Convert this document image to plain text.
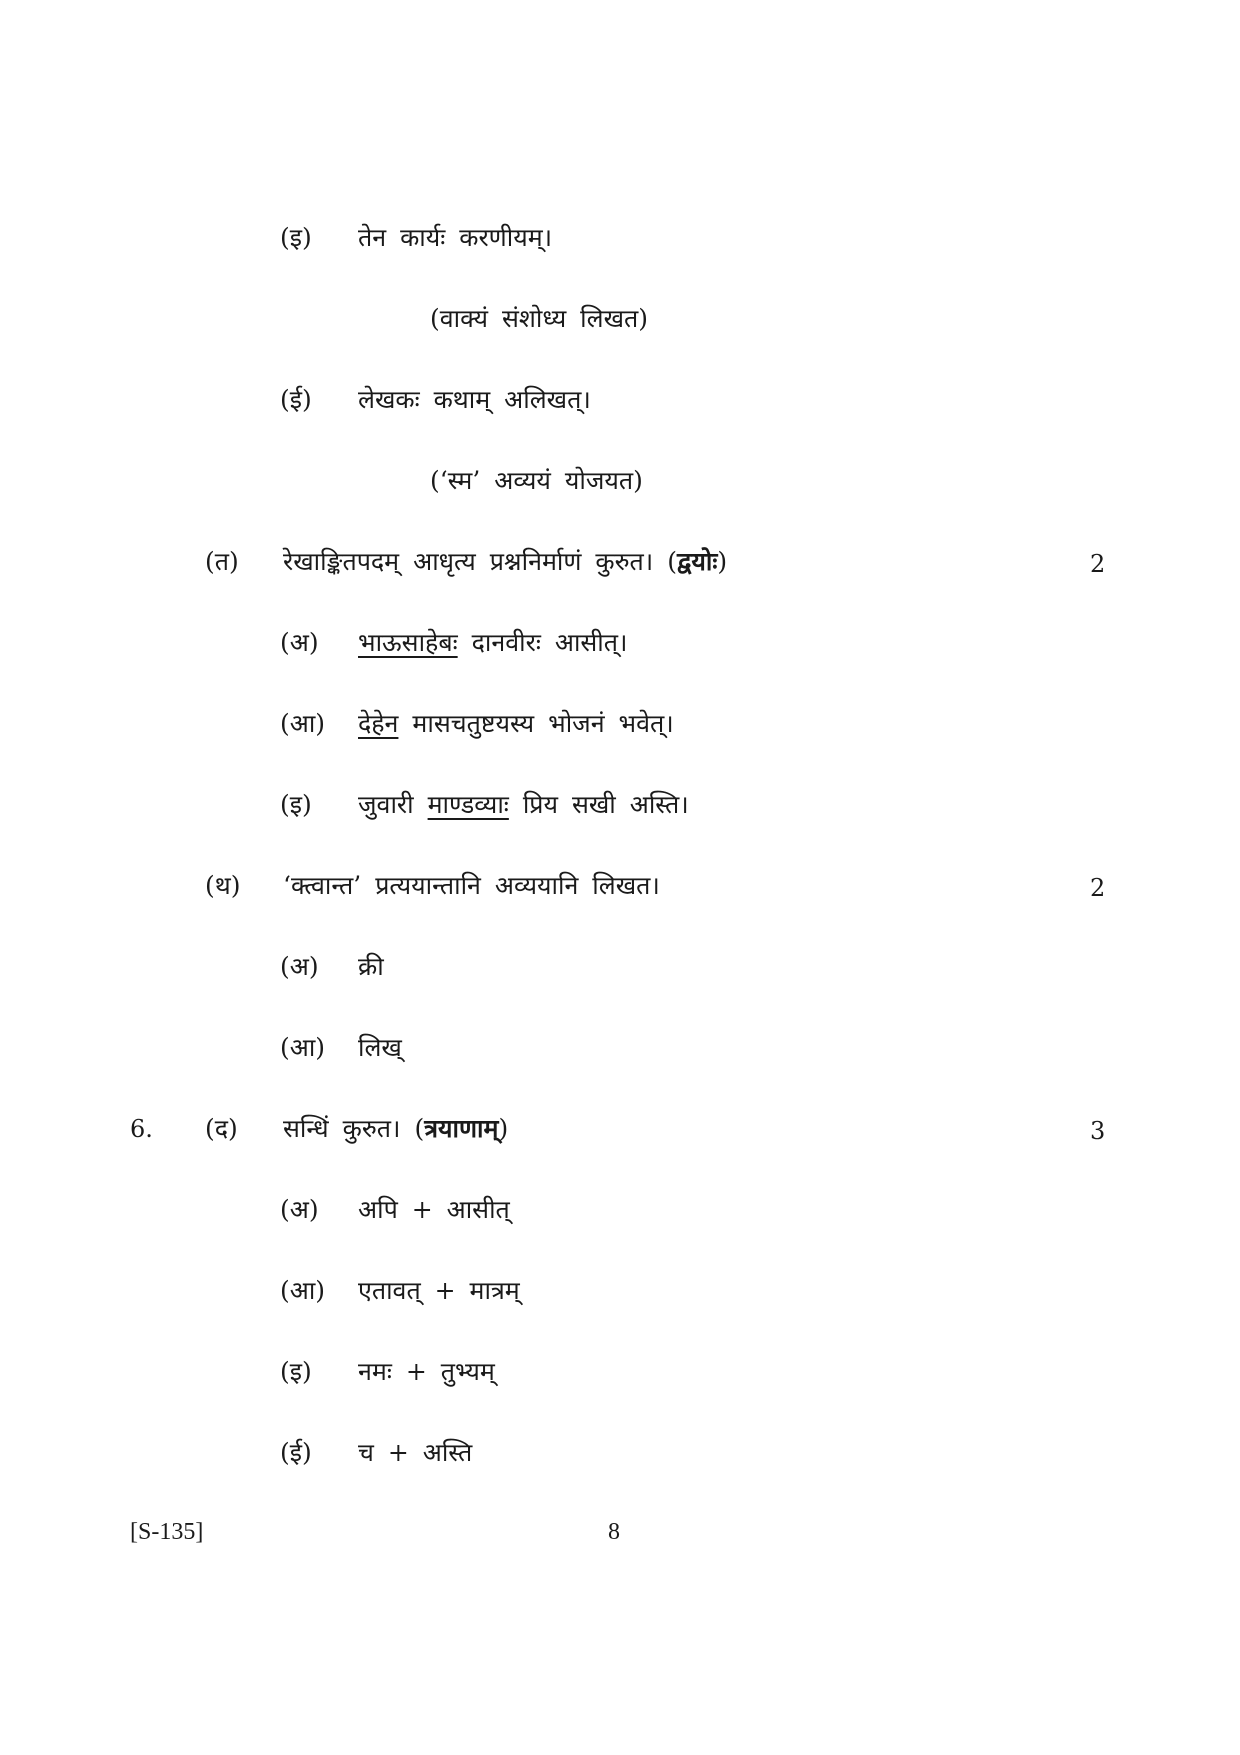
(इ) तेन कार्यः करणीयम्।
(वाक्यं संशोध्य लिखत)
(ई) लेखकः कथाम् अलिखत्।
(‘स्म’ अव्ययं योजयत)
(त) रेखाङ्कितपदम् आधृत्य प्रश्ननिर्माणं कुरुत। (द्वयोः)	2
(अ) भाऊसाहेबः दानवीरः आसीत्।
(आ) देहेन मासचतुष्टयस्य भोजनं भवेत्।
(इ) जुवारी माण्डव्याः प्रिय सखी अस्ति।
(थ) ‘क्त्वान्त’ प्रत्ययान्तानि अव्ययानि लिखत।	2
(अ) क्री
(आ) लिख्
6. (द) सन्धिं कुरुत। (त्रयाणाम्)	3
(अ) अपि + आसीत्
(आ) एतावत् + मात्रम्
(इ) नमः + तुभ्यम्
(ई) च + अस्ति
[S-135]	8
